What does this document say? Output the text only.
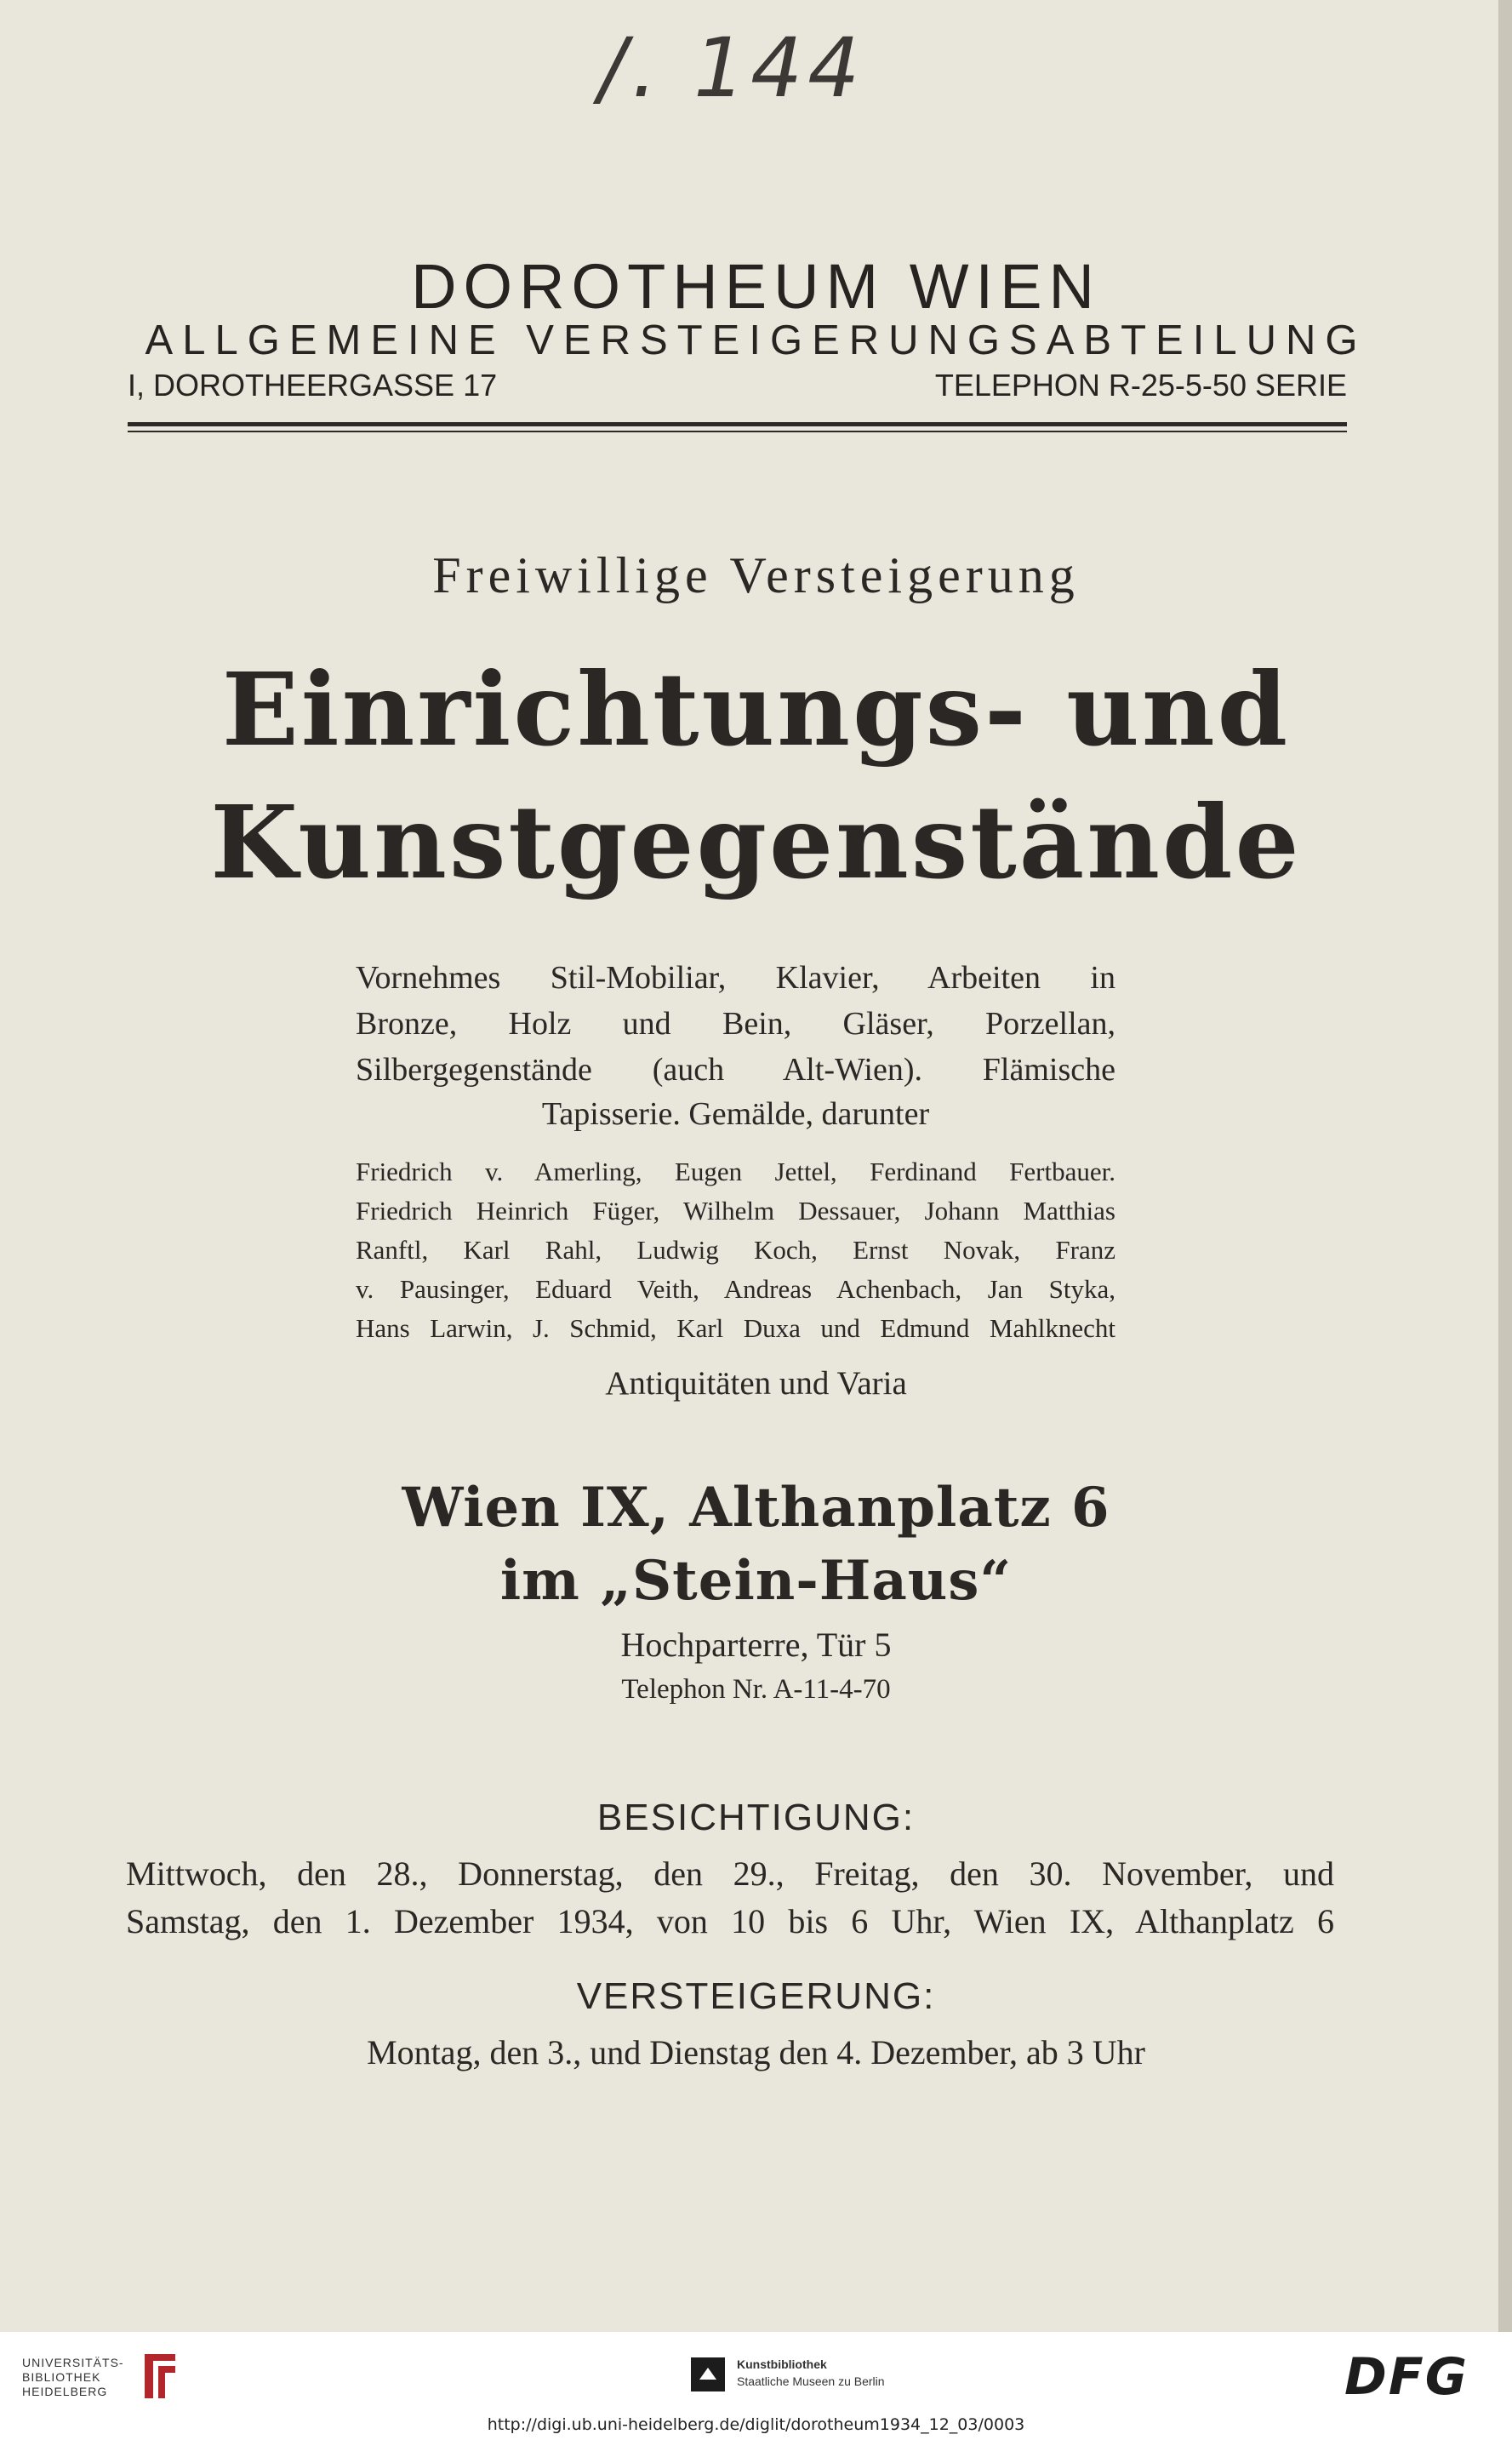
/. 144
DOROTHEUM WIEN
ALLGEMEINE VERSTEIGERUNGSABTEILUNG
I, DOROTHEERGASSE 17	TELEPHON R-25-5-50 SERIE
Freiwillige Versteigerung
Einrichtungs- und
Kunstgegenstände
Vornehmes Stil-Mobiliar, Klavier, Arbeiten in
Bronze, Holz und Bein, Gläser, Porzellan,
Silbergegenstände (auch Alt-Wien). Flämische
Tapisserie. Gemälde, darunter
Friedrich v. Amerling, Eugen Jettel, Ferdinand Fertbauer.
Friedrich Heinrich Füger, Wilhelm Dessauer, Johann Matthias
Ranftl, Karl Rahl, Ludwig Koch, Ernst Novak, Franz
v. Pausinger, Eduard Veith, Andreas Achenbach, Jan Styka,
Hans Larwin, J. Schmid, Karl Duxa und Edmund Mahlknecht
Antiquitäten und Varia
Wien IX, Althanplatz 6
im „Stein-Haus“
Hochparterre, Tür 5
Telephon Nr. A-11-4-70
BESICHTIGUNG:
Mittwoch, den 28., Donnerstag, den 29., Freitag, den 30. November, und
Samstag, den 1. Dezember 1934, von 10 bis 6 Uhr, Wien IX, Althanplatz 6
VERSTEIGERUNG:
Montag, den 3., und Dienstag den 4. Dezember, ab 3 Uhr
UNIVERSITÄTS-
BIBLIOTHEK
HEIDELBERG
Kunstbibliothek
Staatliche Museen zu Berlin	DFG
http://digi.ub.uni-heidelberg.de/diglit/dorotheum1934_12_03/0003
